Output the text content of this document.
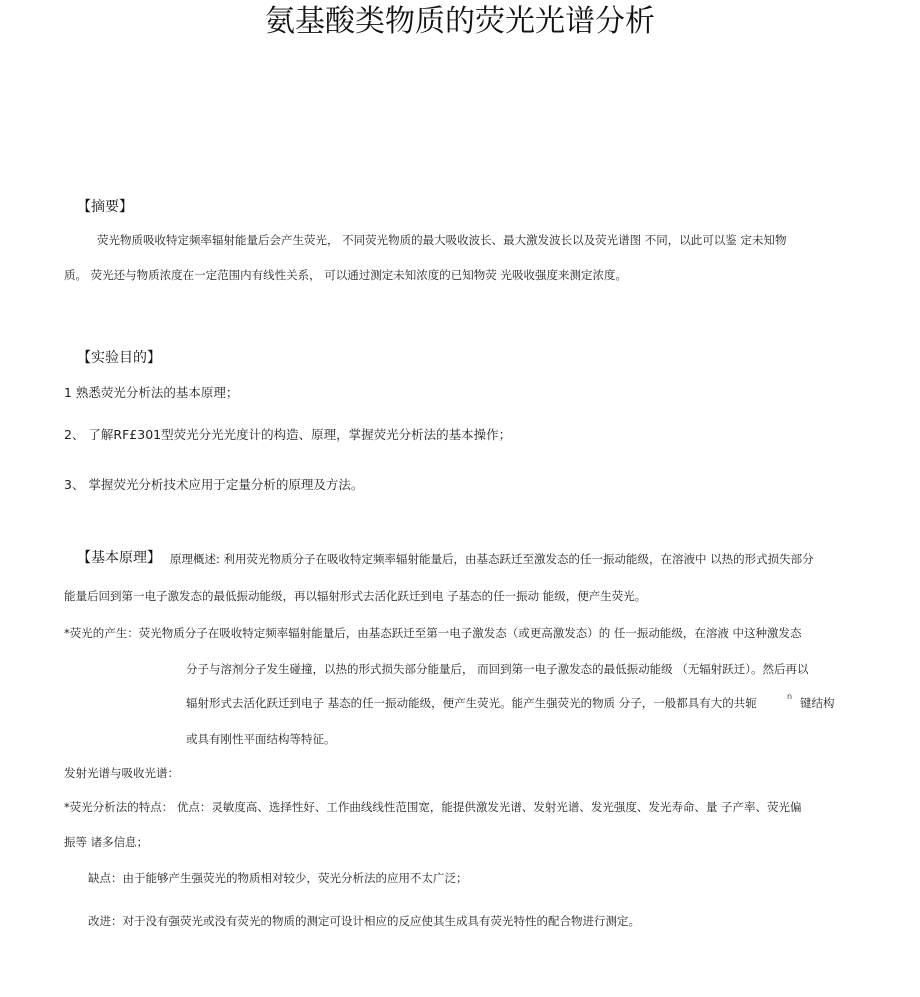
氨基酸类物质的荧光光谱分析
【摘要】
荧光物质吸收特定频率辐射能量后会产生荧光， 不同荧光物质的最大吸收波长、最大激发波长以及荧光谱图 不同，以此可以鉴 定未知物
质。 荧光还与物质浓度在一定范围内有线性关系， 可以通过测定未知浓度的已知物荧 光吸收强度来测定浓度。
【实验目的】
1 熟悉荧光分析法的基本原理；
2、 了解RF£301型荧光分光光度计的构造、原理，掌握荧光分析法的基本操作；
3、 掌握荧光分析技术应用于定量分析的原理及方法。
【基本原理】 原理概述: 利用荧光物质分子在吸收特定频率辐射能量后，由基态跃迁至激发态的任一振动能级，在溶液中 以热的形式损失部分
能量后回到第一电子激发态的最低振动能级，再以辐射形式去活化跃迁到电 子基态的任一振动 能级，便产生荧光。
*荧光的产生：荧光物质分子在吸收特定频率辐射能量后，由基态跃迁至第一电子激发态（或更高激发态）的 任一振动能级，在溶液 中这种激发态
分子与溶剂分子发生碰撞，以热的形式损失部分能量后， 而回到第一电子激发态的最低振动能级 （无辐射跃迁）。然后再以
辐射形式去活化跃迁到电子 基态的任一振动能级，便产生荧光。能产生强荧光的物质 分子，一般都具有大的共轭	n 键结构
或具有刚性平面结构等特征。
发射光谱与吸收光谱：
*荧光分析法的特点： 优点：灵敏度高、选择性好、工作曲线线性范围宽，能提供激发光谱、发射光谱、发光强度、发光寿命、量 子产率、荧光偏
振等 诸多信息；
缺点：由于能够产生强荧光的物质相对较少，荧光分析法的应用不太广泛；
改进：对于没有强荧光或没有荧光的物质的测定可设计相应的反应使其生成具有荧光特性的配合物进行测定。
